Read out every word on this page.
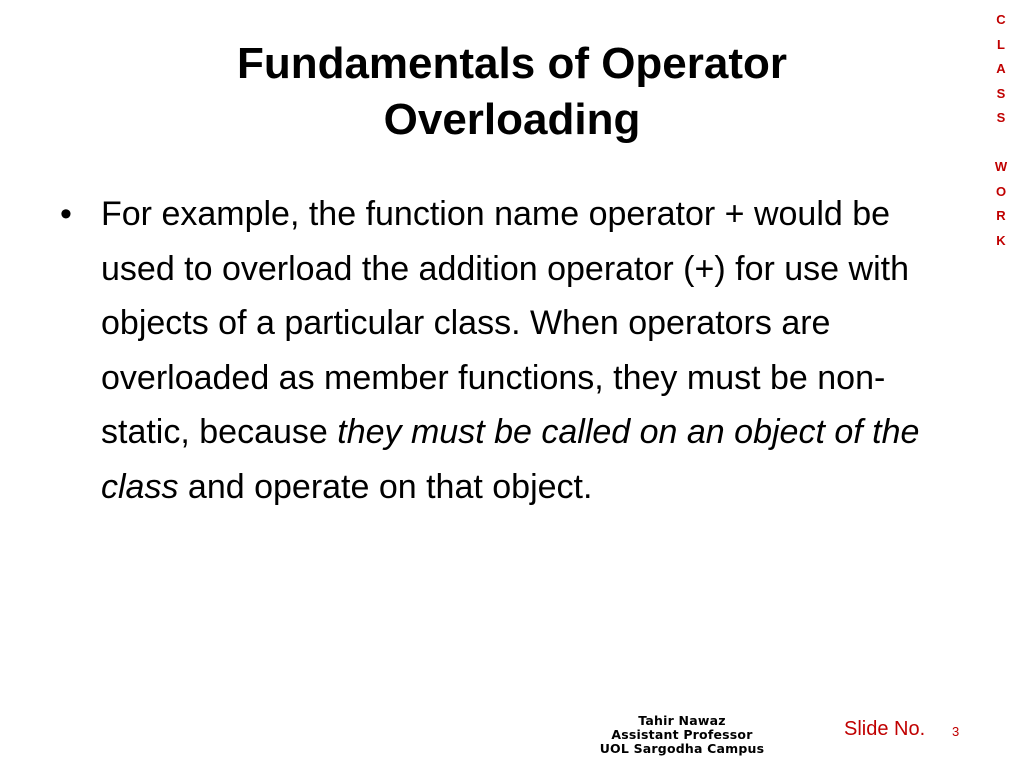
Fundamentals of Operator
Overloading
C
L
A
S
S
W
O
R
K
• For example, the function name operator + would be used to overload the addition operator (+) for use with objects of a particular class. When operators are overloaded as member functions, they must be non-static, because they must be called on an object of the class and operate on that object.
Tahir Nawaz
Assistant Professor
UOL Sargodha Campus
Slide No. 3
